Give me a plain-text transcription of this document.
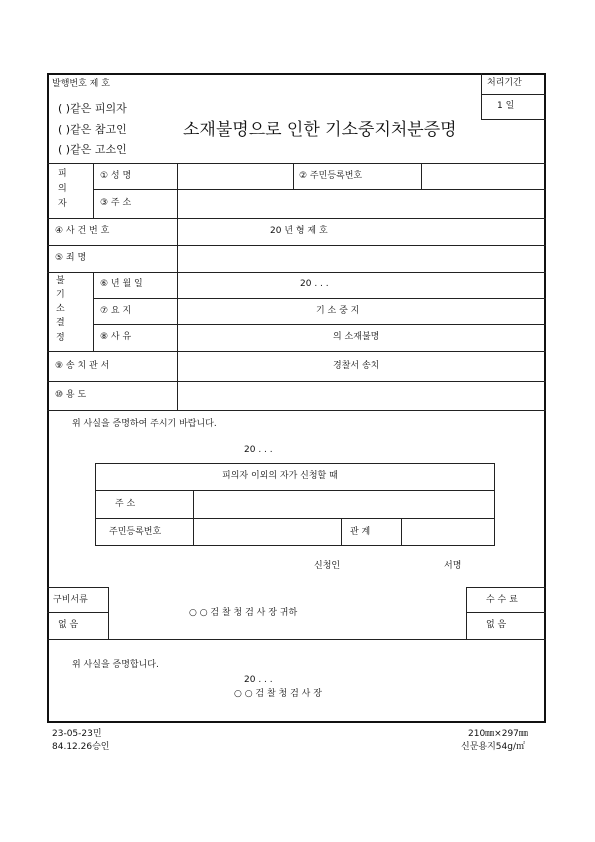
발행번호 제 호
( )같은 피의자
( )같은 참고인
( )같은 고소인
소재불명으로 인한 기소중지처분증명
처리기간
1 일
피
의
자
① 성 명	② 주민등록번호
③ 주 소
④ 사 건 번 호	20 년 형 제 호
⑤ 죄 명
불
기
소
결
정
⑥ 년 월 일	20 . . .
⑦ 요 지	기 소 중 지
⑧ 사 유	의 소재불명
⑨ 송 치 관 서	경찰서 송치
⑩ 용 도
위 사실을 증명하여 주시기 바랍니다.
20 . . .
피의자 이외의 자가 신청할 때
주 소
주민등록번호	관 계
신청인	서명
구비서류
없 음
○ ○ 검 찰 청 검 사 장 귀하
수 수 료
없 음
위 사실을 증명합니다.
20 . . .
○ ○ 검 찰 청 검 사 장
23-05-23민
84.12.26승인
210㎜×297㎜
신문용지54g/㎡
